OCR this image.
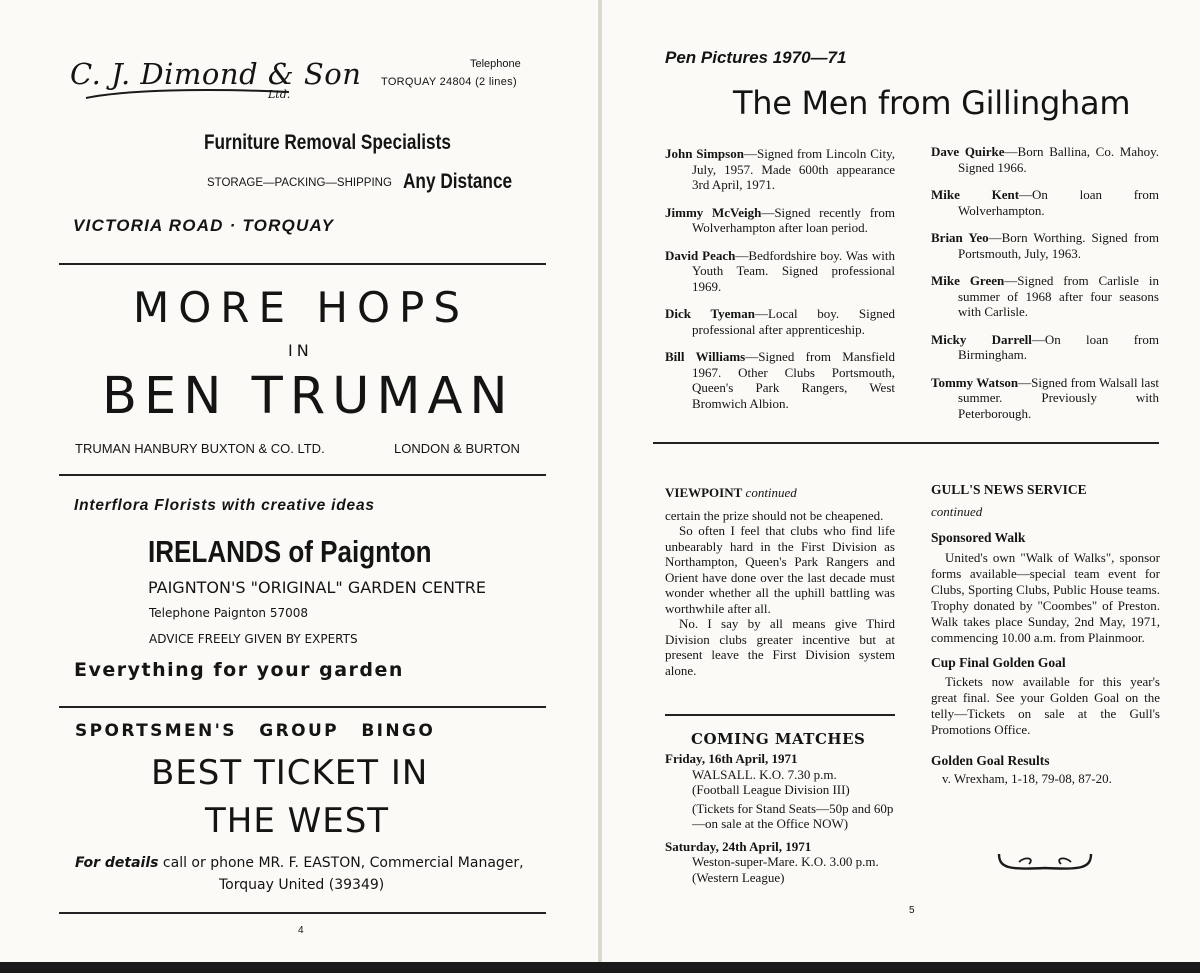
C. J. Dimond & Son
Ltd.
Telephone
TORQUAY 24804 (2 lines)
Furniture Removal Specialists
STORAGE—PACKING—SHIPPING Any Distance
VICTORIA ROAD · TORQUAY
MORE HOPS
IN
BEN TRUMAN
TRUMAN HANBURY BUXTON & CO. LTD.	LONDON & BURTON
Interflora Florists with creative ideas
IRELANDS of Paignton
PAIGNTON'S "ORIGINAL" GARDEN CENTRE
Telephone Paignton 57008
ADVICE FREELY GIVEN BY EXPERTS
Everything for your garden
SPORTSMEN'S GROUP BINGO
BEST TICKET IN
THE WEST
For details call or phone MR. F. EASTON, Commercial Manager,
Torquay United (39349)
4
Pen Pictures 1970—71
The Men from Gillingham
John Simpson—Signed from Lincoln City, July, 1957. Made 600th appearance 3rd April, 1971.
Jimmy McVeigh—Signed recently from Wolverhampton after loan period.
David Peach—Bedfordshire boy. Was with Youth Team. Signed professional 1969.
Dick Tyeman—Local boy. Signed professional after apprenticeship.
Bill Williams—Signed from Mansfield 1967. Other Clubs Portsmouth, Queen's Park Rangers, West Bromwich Albion.
Dave Quirke—Born Ballina, Co. Mahoy. Signed 1966.
Mike Kent—On loan from Wolverhampton.
Brian Yeo—Born Worthing. Signed from Portsmouth, July, 1963.
Mike Green—Signed from Carlisle in summer of 1968 after four seasons with Carlisle.
Micky Darrell—On loan from Birmingham.
Tommy Watson—Signed from Walsall last summer. Previously with Peterborough.
VIEWPOINT continued

certain the prize should not be cheapened.

So often I feel that clubs who find life unbearably hard in the First Division as Northampton, Queen's Park Rangers and Orient have done over the last decade must wonder whether all the uphill battling was worthwhile after all.

No. I say by all means give Third Division clubs greater incentive but at present leave the First Division system alone.

COMING MATCHES
Friday, 16th April, 1971
WALSALL. K.O. 7.30 p.m.
(Football League Division III)
(Tickets for Stand Seats—50p and 60p—on sale at the Office NOW)
Saturday, 24th April, 1971
Weston-super-Mare. K.O. 3.00 p.m.
(Western League)
GULL'S NEWS SERVICE
continued
Sponsored Walk

United's own "Walk of Walks", sponsor forms available—special team event for Clubs, Sporting Clubs, Public House teams. Trophy donated by "Coombes" of Preston. Walk takes place Sunday, 2nd May, 1971, commencing 10.00 a.m. from Plainmoor.

Cup Final Golden Goal

Tickets now available for this year's great final. See your Golden Goal on the telly—Tickets on sale at the Gull's Promotions Office.

Golden Goal Results
v. Wrexham, 1-18, 79-08, 87-20.
5
